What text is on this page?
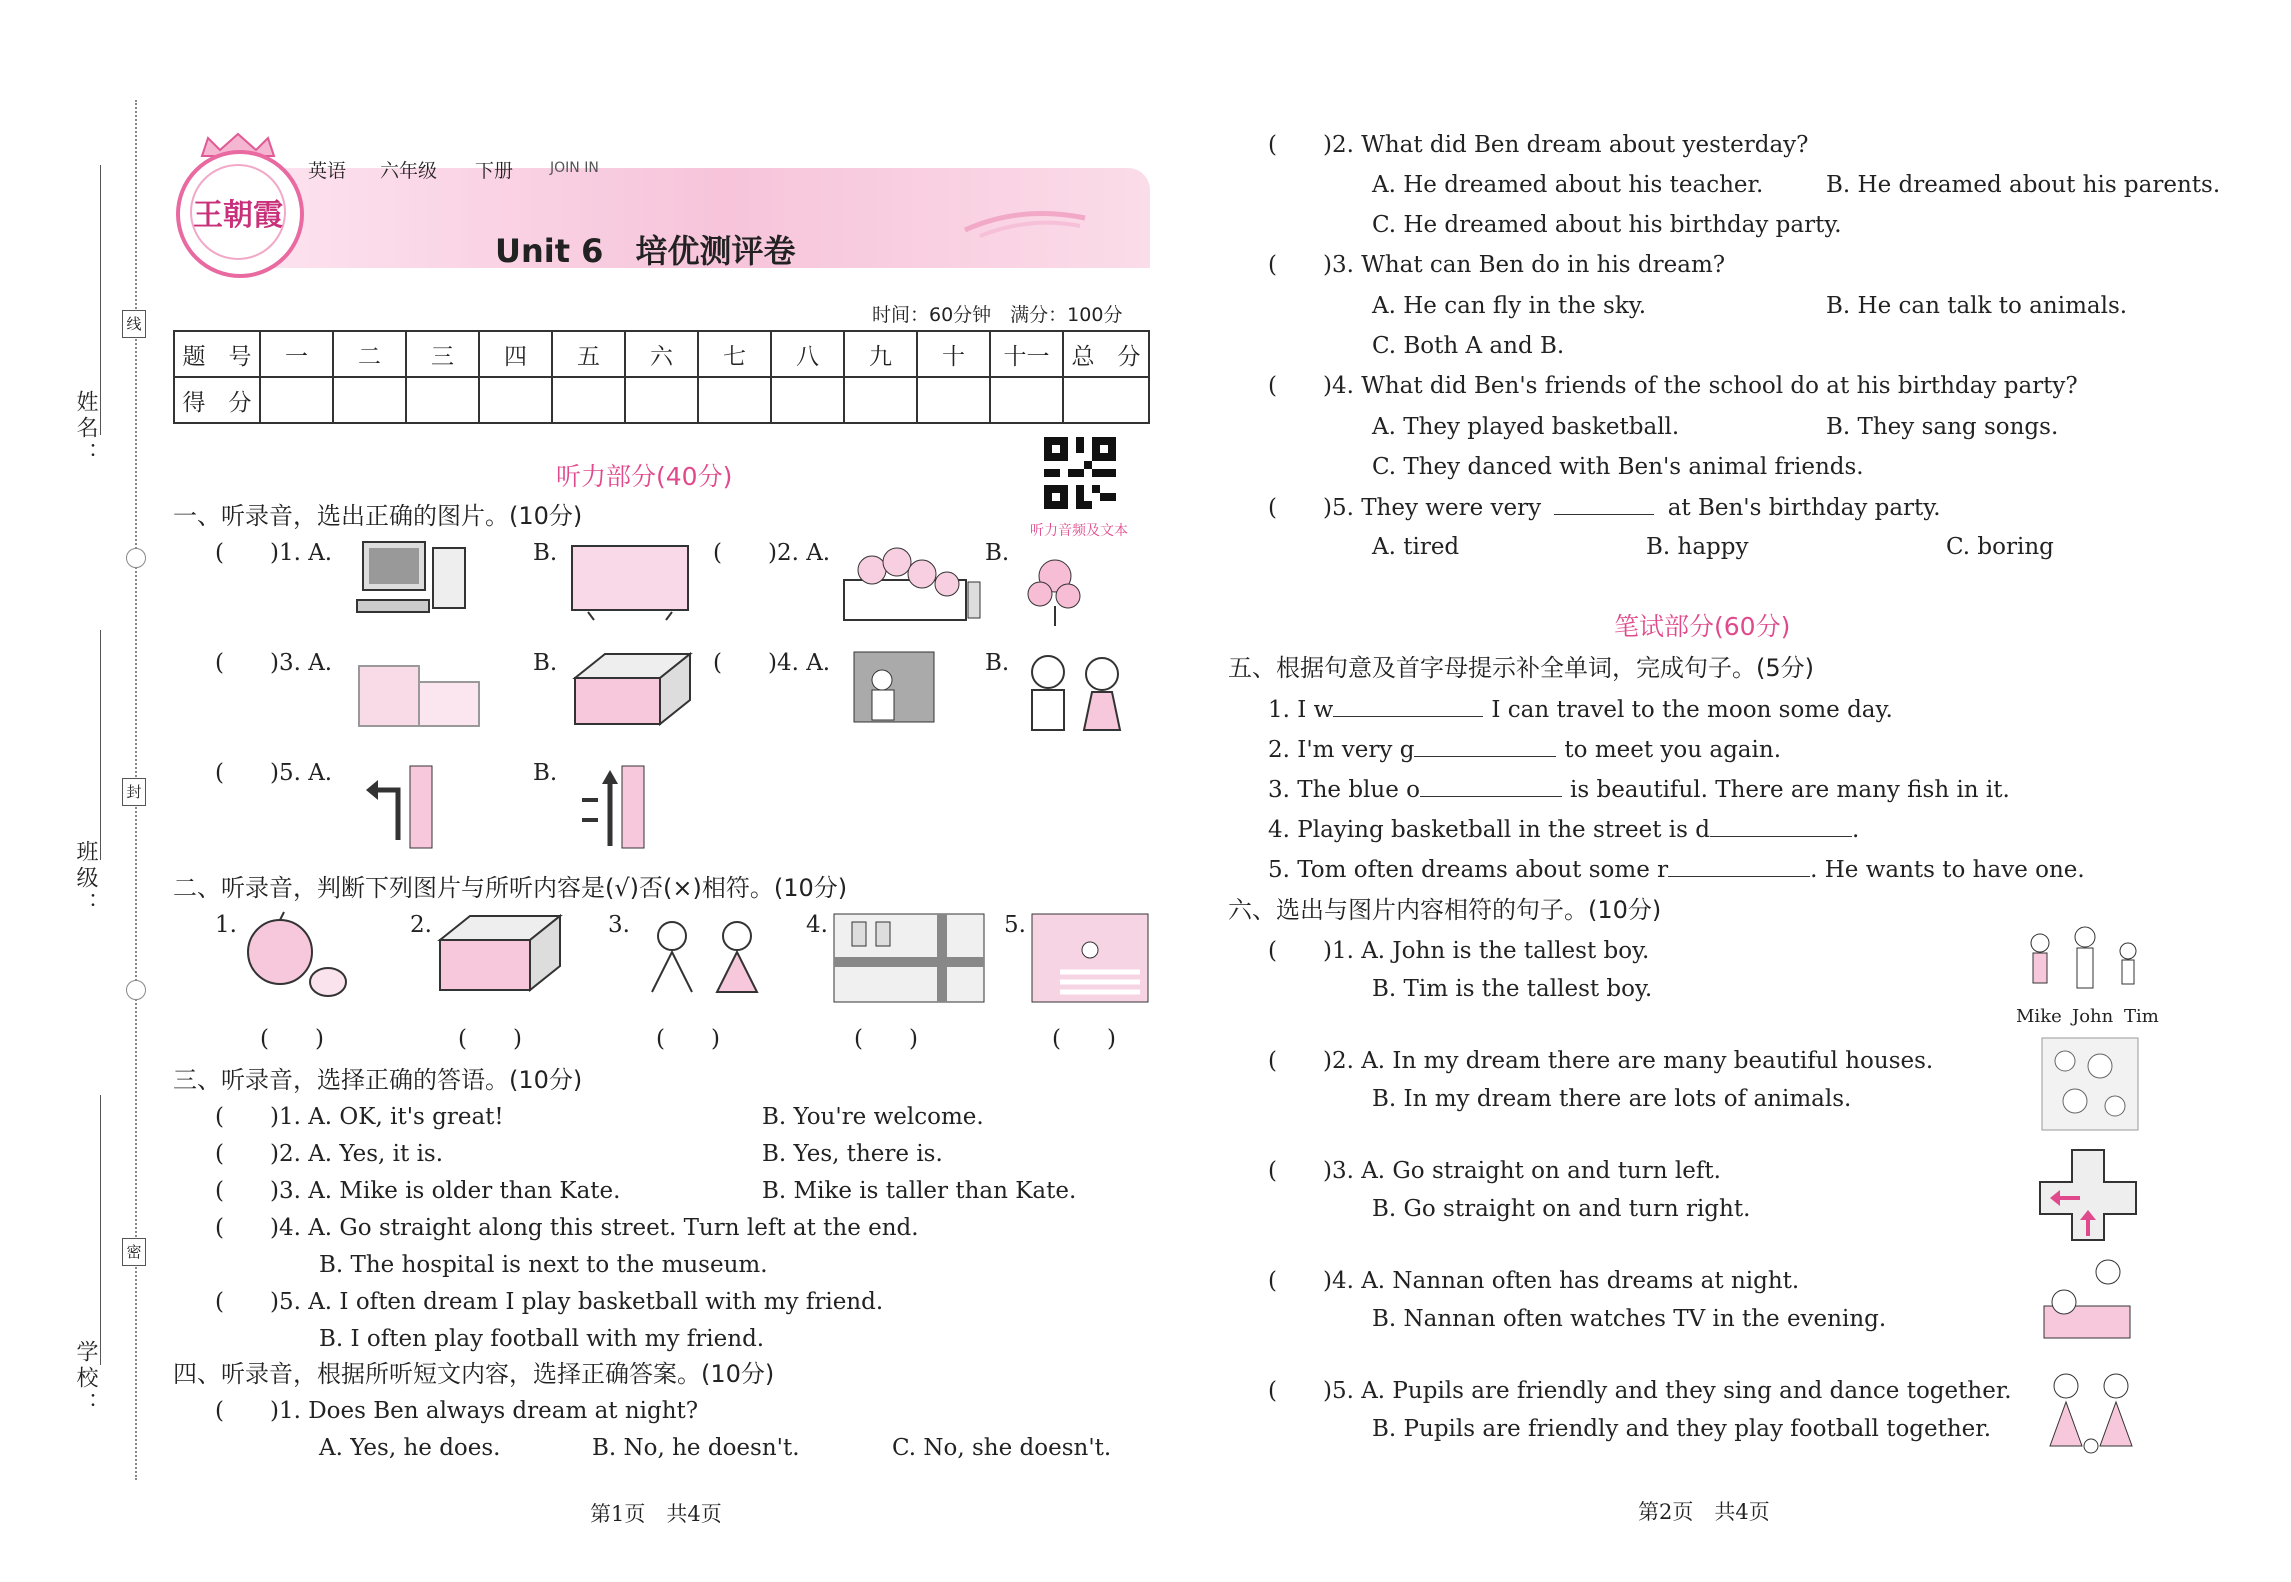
姓名：
班级：
学校：
线
封
密
王朝霞
英语 六年级 下册	JOIN IN
Unit 6　培优测评卷
时间：60分钟　满分：100分
题　号	一	二	三	四	五	六	七	八	九	十	十一	总　分
得　分												
听力部分(40分)
听力音频及文本
一、听录音，选出正确的图片。(10分)
(　　)1. A.	B.	(　　)2. A.	B.
(　　)3. A.	B.	(　　)4. A.	B.
(　　)5. A.	B.
二、听录音，判断下列图片与所听内容是(√)否(×)相符。(10分)
1.	2.	3.	4.	5.
(　　)	(　　)	(　　)	(　　)	(　　)
三、听录音，选择正确的答语。(10分)
(　　)1. A. OK, it's great!	B. You're welcome.
(　　)2. A. Yes, it is.	B. Yes, there is.
(　　)3. A. Mike is older than Kate.	B. Mike is taller than Kate.
(　　)4. A. Go straight along this street. Turn left at the end.
B. The hospital is next to the museum.
(　　)5. A. I often dream I play basketball with my friend.
B. I often play football with my friend.
四、听录音，根据所听短文内容，选择正确答案。(10分)
(　　)1. Does Ben always dream at night?
A. Yes, he does.	B. No, he doesn't.	C. No, she doesn't.
(　　)2. What did Ben dream about yesterday?
A. He dreamed about his teacher.	B. He dreamed about his parents.
C. He dreamed about his birthday party.
(　　)3. What can Ben do in his dream?
A. He can fly in the sky.	B. He can talk to animals.
C. Both A and B.
(　　)4. What did Ben's friends of the school do at his birthday party?
A. They played basketball.	B. They sang songs.
C. They danced with Ben's animal friends.
(　　)5. They were very	at Ben's birthday party.
A. tired	B. happy	C. boring
笔试部分(60分)
五、根据句意及首字母提示补全单词，完成句子。(5分)
1. I w	I can travel to the moon some day.
2. I'm very g	to meet you again.
3. The blue o	is beautiful. There are many fish in it.
4. Playing basketball in the street is d	.
5. Tom often dreams about some r	. He wants to have one.
六、选出与图片内容相符的句子。(10分)
(　　)1. A. John is the tallest boy.
B. Tim is the tallest boy.
(　　)2. A. In my dream there are many beautiful houses.
B. In my dream there are lots of animals.
(　　)3. A. Go straight on and turn left.
B. Go straight on and turn right.
(　　)4. A. Nannan often has dreams at night.
B. Nannan often watches TV in the evening.
(　　)5. A. Pupils are friendly and they sing and dance together.
B. Pupils are friendly and they play football together.
Mike John Tim
第1页　共4页	第2页　共4页
